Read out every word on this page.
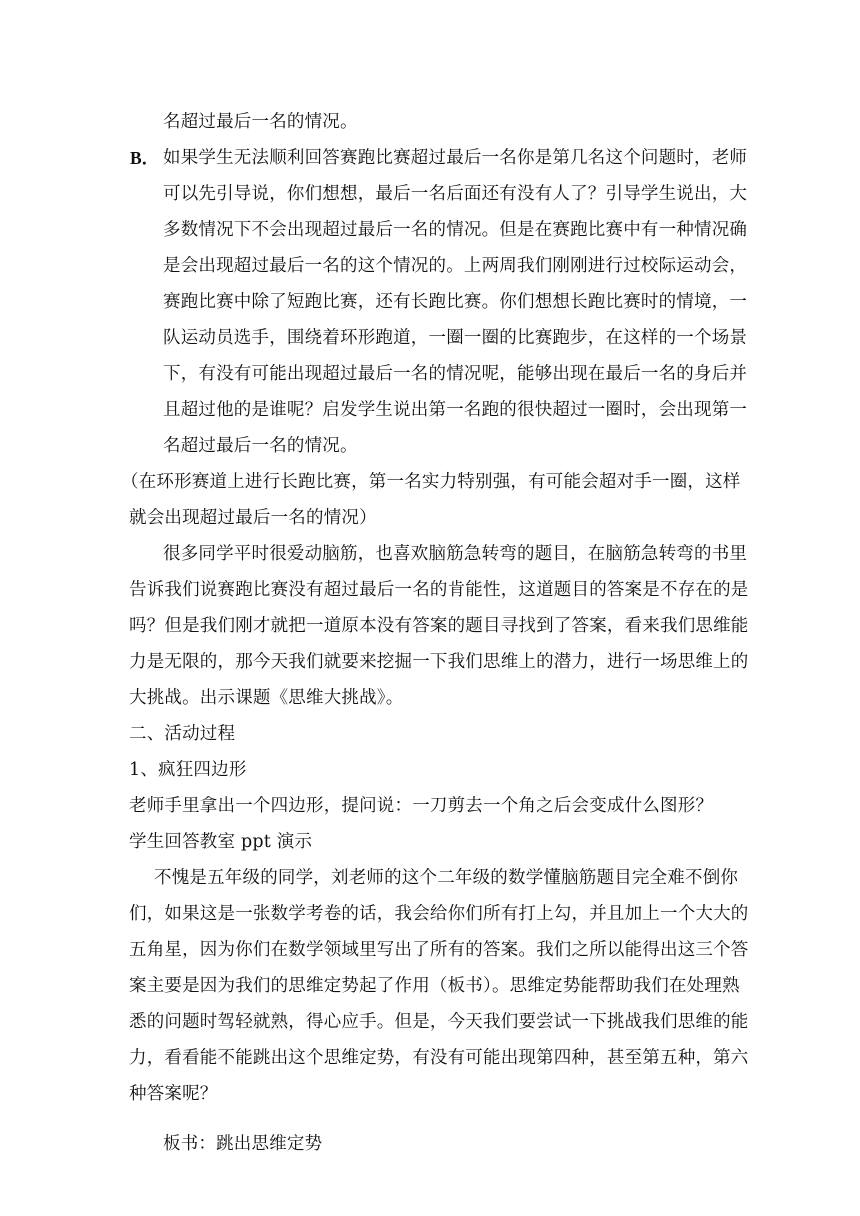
名超过最后一名的情况。
B． 如果学生无法顺利回答赛跑比赛超过最后一名你是第几名这个问题时，老师
可以先引导说，你们想想，最后一名后面还有没有人了？引导学生说出，大
多数情况下不会出现超过最后一名的情况。但是在赛跑比赛中有一种情况确
是会出现超过最后一名的这个情况的。上两周我们刚刚进行过校际运动会，
赛跑比赛中除了短跑比赛，还有长跑比赛。你们想想长跑比赛时的情境，一
队运动员选手，围绕着环形跑道，一圈一圈的比赛跑步，在这样的一个场景
下，有没有可能出现超过最后一名的情况呢，能够出现在最后一名的身后并
且超过他的是谁呢？启发学生说出第一名跑的很快超过一圈时，会出现第一
名超过最后一名的情况。
（在环形赛道上进行长跑比赛，第一名实力特别强，有可能会超对手一圈，这样
就会出现超过最后一名的情况）
很多同学平时很爱动脑筋，也喜欢脑筋急转弯的题目，在脑筋急转弯的书里
告诉我们说赛跑比赛没有超过最后一名的肯能性，这道题目的答案是不存在的是
吗？但是我们刚才就把一道原本没有答案的题目寻找到了答案，看来我们思维能
力是无限的，那今天我们就要来挖掘一下我们思维上的潜力，进行一场思维上的
大挑战。出示课题《思维大挑战》。
二、活动过程
1、疯狂四边形
老师手里拿出一个四边形，提问说：一刀剪去一个角之后会变成什么图形？
学生回答教室 ppt 演示
不愧是五年级的同学，刘老师的这个二年级的数学懂脑筋题目完全难不倒你
们，如果这是一张数学考卷的话，我会给你们所有打上勾，并且加上一个大大的
五角星，因为你们在数学领域里写出了所有的答案。我们之所以能得出这三个答
案主要是因为我们的思维定势起了作用（板书）。思维定势能帮助我们在处理熟
悉的问题时驾轻就熟，得心应手。但是，今天我们要尝试一下挑战我们思维的能
力，看看能不能跳出这个思维定势，有没有可能出现第四种，甚至第五种，第六
种答案呢？
板书：跳出思维定势
